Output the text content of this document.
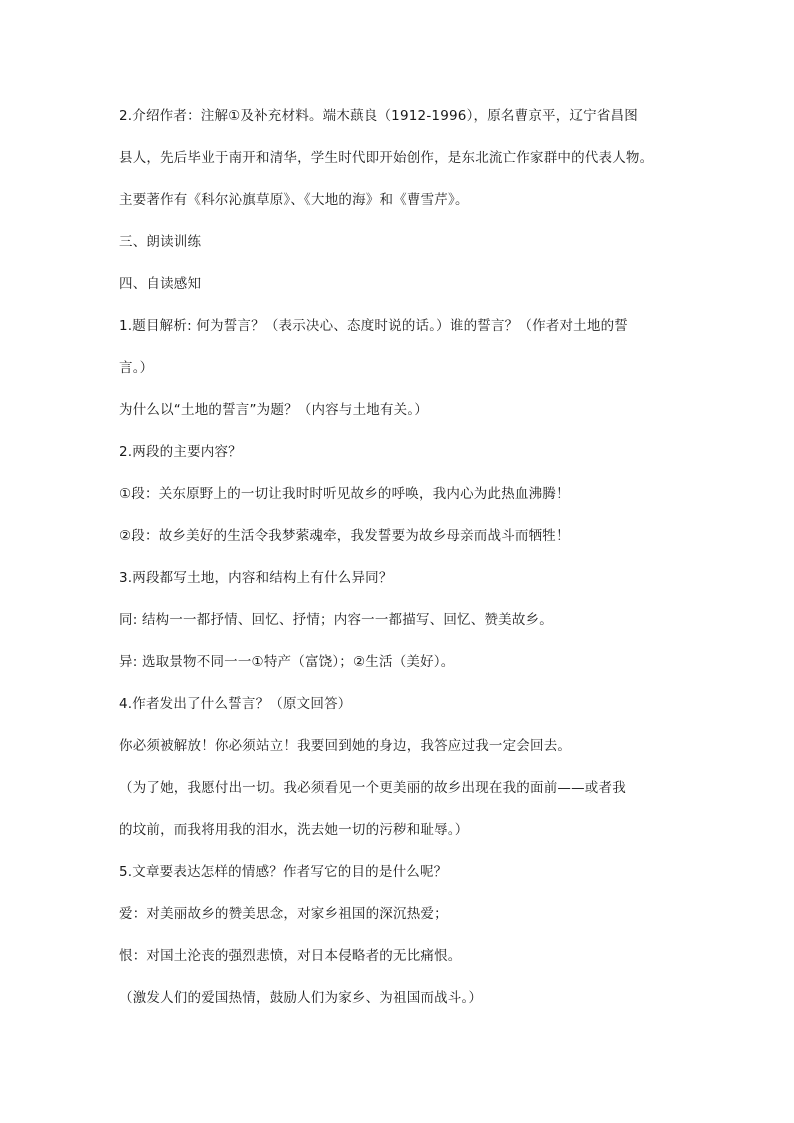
2.介绍作者：注解①及补充材料。端木蕻良（1912-1996），原名曹京平，辽宁省昌图
县人，先后毕业于南开和清华，学生时代即开始创作，是东北流亡作家群中的代表人物。
主要著作有《科尔沁旗草原》、《大地的海》和《曹雪芹》。
三、朗读训练
四、自读感知
1.题目解析: 何为誓言？（表示决心、态度时说的话。）谁的誓言？（作者对土地的誓
言。）
为什么以“土地的誓言”为题？（内容与土地有关。）
2.两段的主要内容？
①段：关东原野上的一切让我时时听见故乡的呼唤，我内心为此热血沸腾！
②段：故乡美好的生活令我梦萦魂牵，我发誓要为故乡母亲而战斗而牺牲！
3.两段都写土地，内容和结构上有什么异同？
同: 结构一一都抒情、回忆、抒情；内容一一都描写、回忆、赞美故乡。
异: 选取景物不同一一①特产（富饶）；②生活（美好）。
4.作者发出了什么誓言？（原文回答）
你必须被解放！你必须站立！我要回到她的身边，我答应过我一定会回去。
（为了她，我愿付出一切。我必须看见一个更美丽的故乡出现在我的面前——或者我
的坟前，而我将用我的泪水，洗去她一切的污秽和耻辱。）
5.文章要表达怎样的情感？作者写它的目的是什么呢？
爱：对美丽故乡的赞美思念，对家乡祖国的深沉热爱；
恨：对国土沦丧的强烈悲愤，对日本侵略者的无比痛恨。
（激发人们的爱国热情，鼓励人们为家乡、为祖国而战斗。）
